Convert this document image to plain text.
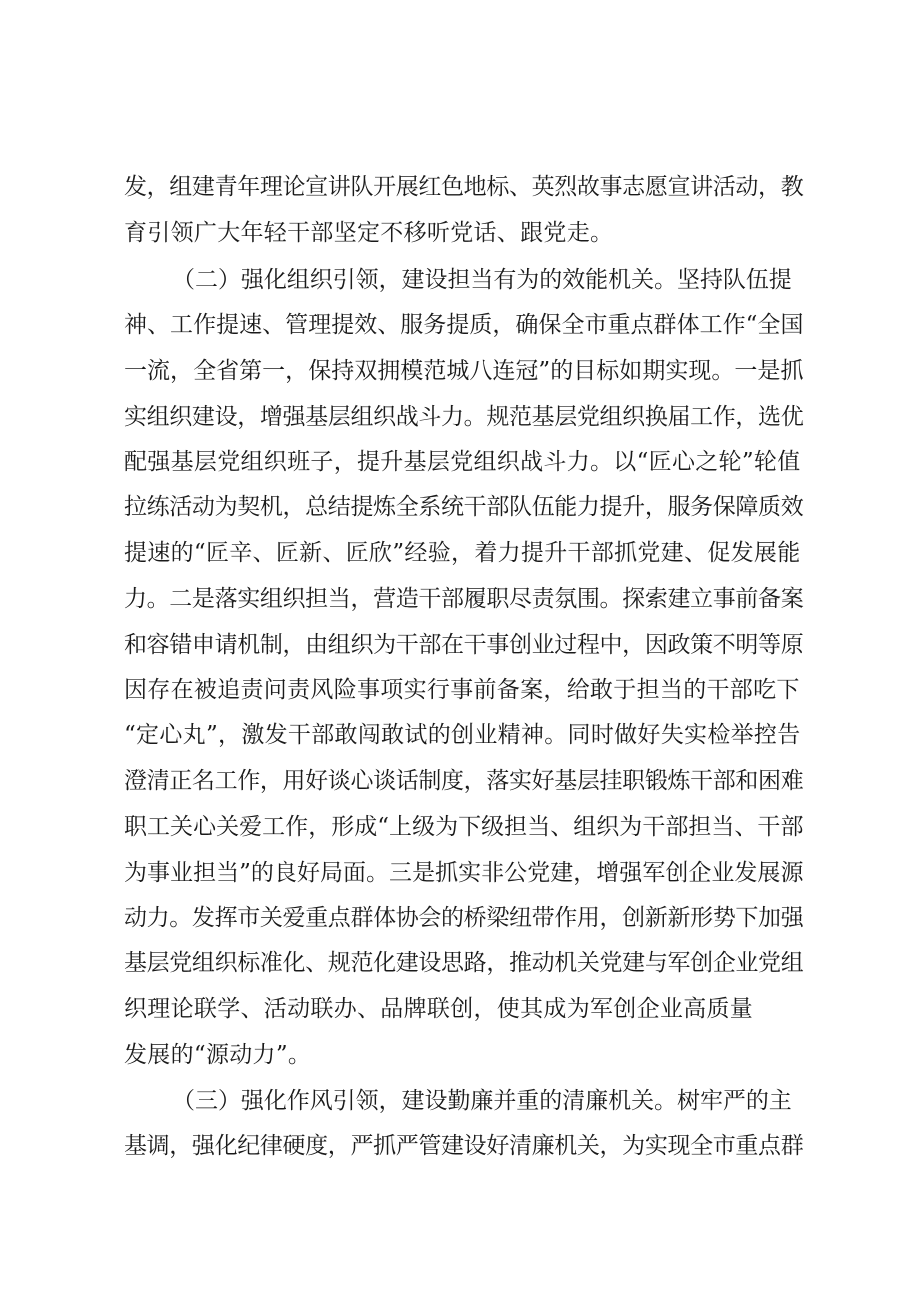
发，组建青年理论宣讲队开展红色地标、英烈故事志愿宣讲活动，教
育引领广大年轻干部坚定不移听党话、跟党走。
（二）强化组织引领，建设担当有为的效能机关。坚持队伍提
神、工作提速、管理提效、服务提质，确保全市重点群体工作“全国
一流，全省第一，保持双拥模范城八连冠”的目标如期实现。一是抓
实组织建设，增强基层组织战斗力。规范基层党组织换届工作，选优
配强基层党组织班子，提升基层党组织战斗力。以“匠心之轮”轮值
拉练活动为契机，总结提炼全系统干部队伍能力提升，服务保障质效
提速的“匠辛、匠新、匠欣”经验，着力提升干部抓党建、促发展能
力。二是落实组织担当，营造干部履职尽责氛围。探索建立事前备案
和容错申请机制，由组织为干部在干事创业过程中，因政策不明等原
因存在被追责问责风险事项实行事前备案，给敢于担当的干部吃下
“定心丸”，激发干部敢闯敢试的创业精神。同时做好失实检举控告
澄清正名工作，用好谈心谈话制度，落实好基层挂职锻炼干部和困难
职工关心关爱工作，形成“上级为下级担当、组织为干部担当、干部
为事业担当”的良好局面。三是抓实非公党建，增强军创企业发展源
动力。发挥市关爱重点群体协会的桥梁纽带作用，创新新形势下加强
基层党组织标准化、规范化建设思路，推动机关党建与军创企业党组
织理论联学、活动联办、品牌联创，使其成为军创企业高质量
发展的“源动力”。
（三）强化作风引领，建设勤廉并重的清廉机关。树牢严的主
基调，强化纪律硬度，严抓严管建设好清廉机关，为实现全市重点群
